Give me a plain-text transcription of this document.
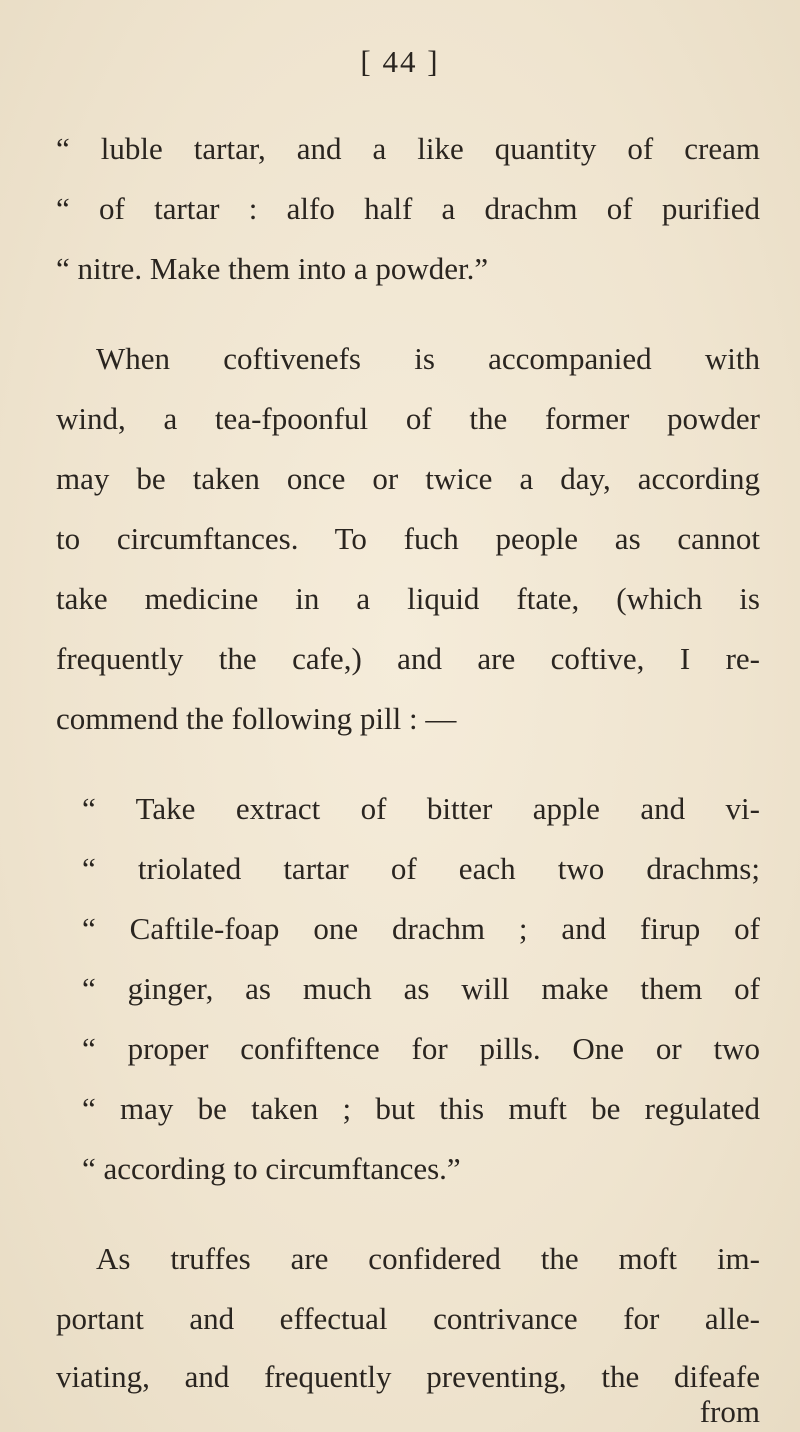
[ 44 ]
“ luble tartar, and a like quantity of cream
“ of tartar : alfo half a drachm of purified
“ nitre. Make them into a powder.”
When coftivenefs is accompanied with
wind, a tea-fpoonful of the former powder
may be taken once or twice a day, according
to circumftances. To fuch people as cannot
take medicine in a liquid ftate, (which is
frequently the cafe,) and are coftive, I re-
commend the following pill : —
“ Take extract of bitter apple and vi-
“ triolated tartar of each two drachms;
“ Caftile-foap one drachm ; and firup of
“ ginger, as much as will make them of
“ proper confiftence for pills. One or two
“ may be taken ; but this muft be regulated
“ according to circumftances.”
As truffes are confidered the moft im-
portant and effectual contrivance for alle-
viating, and frequently preventing, the difeafe
from
